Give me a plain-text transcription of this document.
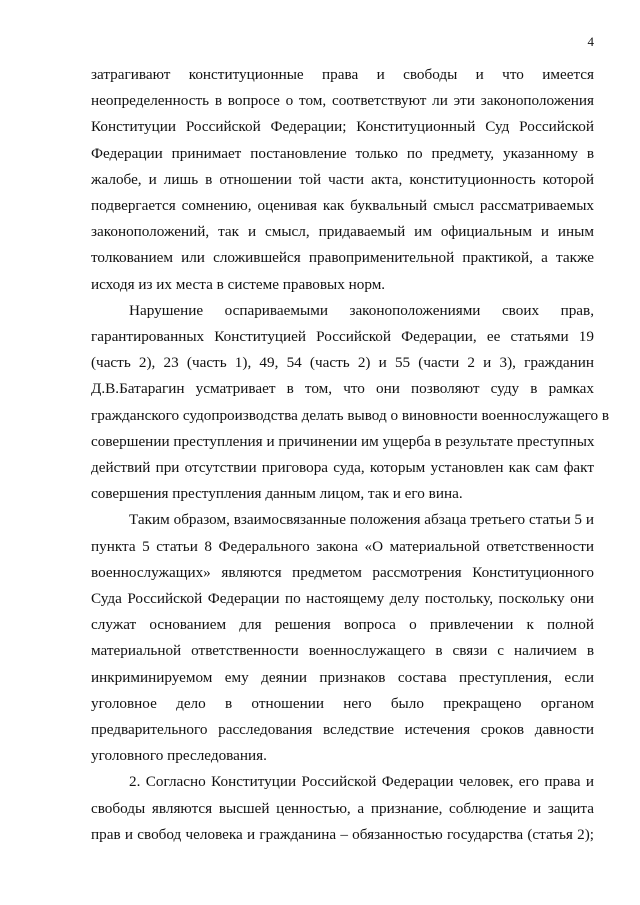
4
затрагивают конституционные права и свободы и что имеется
неопределенность в вопросе о том, соответствуют ли эти законоположения
Конституции Российской Федерации; Конституционный Суд Российской
Федерации принимает постановление только по предмету, указанному в
жалобе, и лишь в отношении той части акта, конституционность которой
подвергается сомнению, оценивая как буквальный смысл рассматриваемых
законоположений, так и смысл, придаваемый им официальным и иным
толкованием или сложившейся правоприменительной практикой, а также
исходя из их места в системе правовых норм.
Нарушение оспариваемыми законоположениями своих прав,
гарантированных Конституцией Российской Федерации, ее статьями 19
(часть 2), 23 (часть 1), 49, 54 (часть 2) и 55 (части 2 и 3), гражданин
Д.В.Батарагин усматривает в том, что они позволяют суду в рамках
гражданского судопроизводства делать вывод о виновности военнослужащего в
совершении преступления и причинении им ущерба в результате преступных
действий при отсутствии приговора суда, которым установлен как сам факт
совершения преступления данным лицом, так и его вина.
Таким образом, взаимосвязанные положения абзаца третьего статьи 5 и
пункта 5 статьи 8 Федерального закона «О материальной ответственности
военнослужащих» являются предметом рассмотрения Конституционного
Суда Российской Федерации по настоящему делу постольку, поскольку они
служат основанием для решения вопроса о привлечении к полной
материальной ответственности военнослужащего в связи с наличием в
инкриминируемом ему деянии признаков состава преступления, если
уголовное дело в отношении него было прекращено органом
предварительного расследования вследствие истечения сроков давности
уголовного преследования.
2. Согласно Конституции Российской Федерации человек, его права и
свободы являются высшей ценностью, а признание, соблюдение и защита
прав и свобод человека и гражданина – обязанностью государства (статья 2);
